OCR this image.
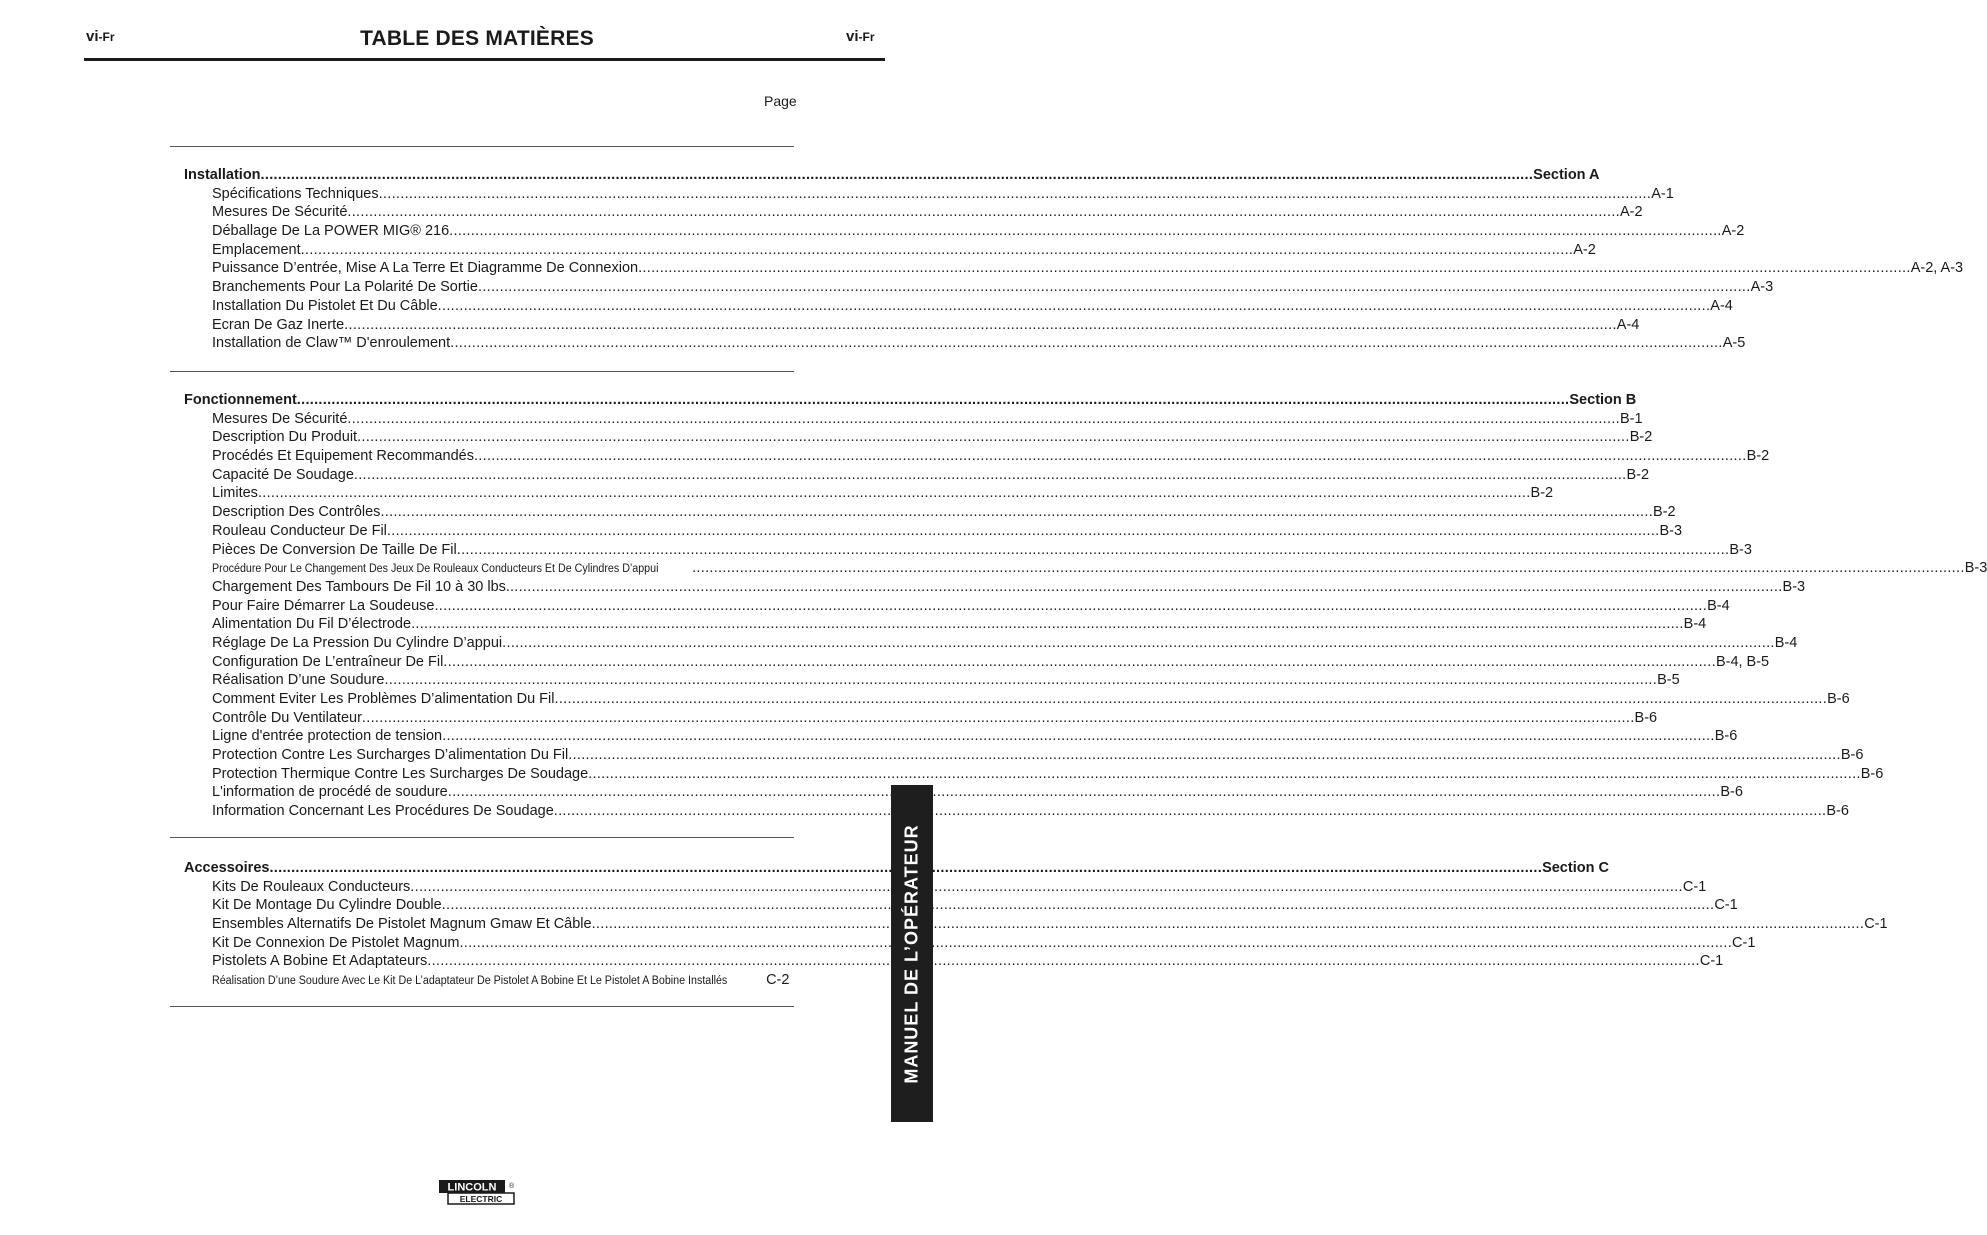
vi-Fr	TABLE DES MATIÈRES	vi-Fr
Page
Installation .....	Section A
Spécifications Techniques .....	A-1
Mesures De Sécurité .....	A-2
Déballage De La POWER MIG® 216 .....	A-2
Emplacement .....	A-2
Puissance D’entrée, Mise A La Terre Et Diagramme De Connexion .....	A-2, A-3
Branchements Pour La Polarité De Sortie .....	A-3
Installation Du Pistolet Et Du Câble .....	A-4
Ecran De Gaz Inerte .....	A-4
Installation de Claw™ D'enroulement .....	A-5
Fonctionnement .....	Section B
Mesures De Sécurité .....	B-1
Description Du Produit .....	B-2
Procédés Et Equipement Recommandés .....	B-2
Capacité De Soudage .....	B-2
Limites .....	B-2
Description Des Contrôles .....	B-2
Rouleau Conducteur De Fil .....	B-3
Pièces De Conversion De Taille De Fil .....	B-3
Procédure Pour Le Changement Des Jeux De Rouleaux Conducteurs Et De Cylindres D’appui .....	B-3
Chargement Des Tambours De Fil 10 à 30 lbs. .....	B-3
Pour Faire Démarrer La Soudeuse .....	B-4
Alimentation Du Fil D’électrode .....	B-4
Réglage De La Pression Du Cylindre D’appui .....	B-4
Configuration De L’entraîneur De Fil .....	B-4, B-5
Réalisation D’une Soudure .....	B-5
Comment Eviter Les Problèmes D’alimentation Du Fil .....	B-6
Contrôle Du Ventilateur .....	B-6
Ligne d'entrée protection de tension .....	B-6
Protection Contre Les Surcharges D’alimentation Du Fil .....	B-6
Protection Thermique Contre Les Surcharges De Soudage .....	B-6
L'information de procédé de soudure .....	B-6
Information Concernant Les Procédures De Soudage .....	B-6
Accessoires .....	Section C
Kits De Rouleaux Conducteurs .....	C-1
Kit De Montage Du Cylindre Double .....	C-1
Ensembles Alternatifs De Pistolet Magnum Gmaw Et Câble .....	C-1
Kit De Connexion De Pistolet Magnum .....	C-1
Pistolets A Bobine Et Adaptateurs .....	C-1
Réalisation D’une Soudure Avec Le Kit De L’adaptateur De Pistolet A Bobine Et Le Pistolet A Bobine Installés	C-2	MANUEL DE L’OPÉRATEUR
LINCOLN
ELECTRIC
®
